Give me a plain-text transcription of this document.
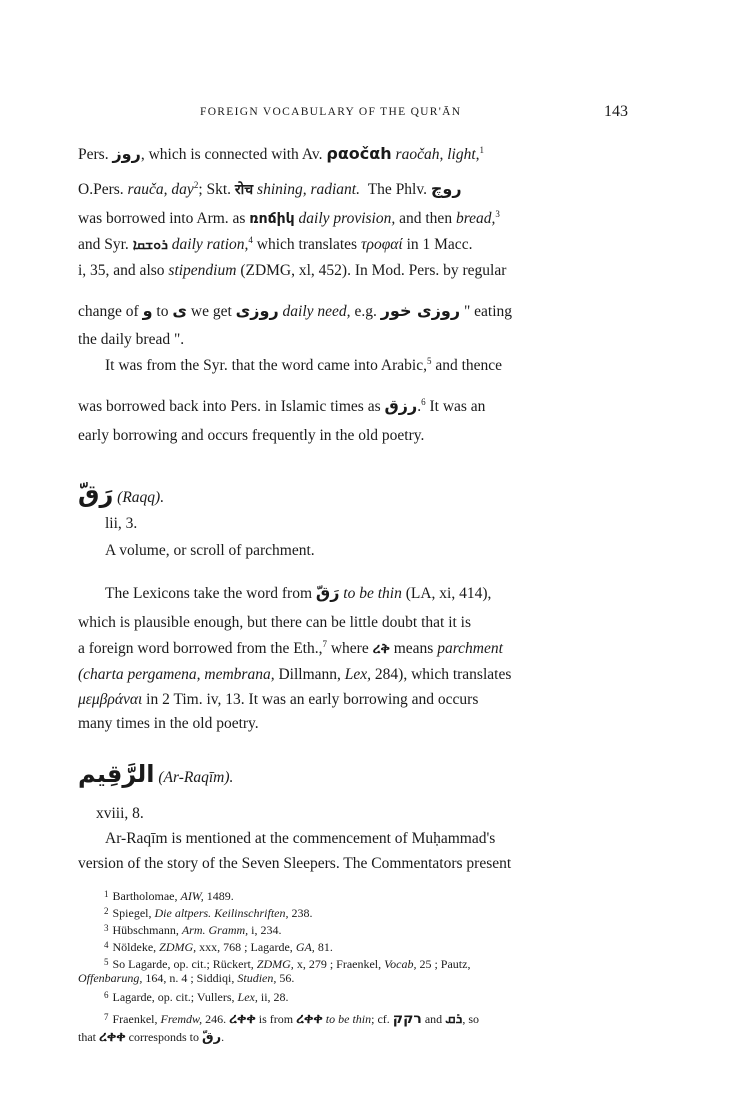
FOREIGN VOCABULARY OF THE QUR'ĀN	143
Pers. روز, which is connected with Av. ραοčαh raočah, light,$^1$
O.Pers. rauča, day$^2$; Skt. रोच shining, radiant. The Phlv. روچ
was borrowed into Arm. as ռոճիկ daily provision, and then bread,$^3$
and Syr. ܪܘܫܩܐ daily ration,$^4$ which translates τροφαί in 1 Macc.
i, 35, and also stipendium (ZDMG, xl, 452). In Mod. Pers. by regular
change of و to ی we get روزی daily need, e.g. روزی خور " eating
the daily bread ".
It was from the Syr. that the word came into Arabic,$^5$ and thence
was borrowed back into Pers. in Islamic times as رزق.$^6$ It was an
early borrowing and occurs frequently in the old poetry.
رَقّ (Raqq).
lii, 3.
A volume, or scroll of parchment.
The Lexicons take the word from رَقّ to be thin (LA, xi, 414),
which is plausible enough, but there can be little doubt that it is
a foreign word borrowed from the Eth.,$^7$ where ረቅ means parchment
(charta pergamena, membrana, Dillmann, Lex, 284), which translates
μεμβράναι in 2 Tim. iv, 13. It was an early borrowing and occurs
many times in the old poetry.
الرَّقِيم (Ar-Raqīm).
xviii, 8.
Ar-Raqīm is mentioned at the commencement of Muḥammad's
version of the story of the Seven Sleepers. The Commentators present
$^1$ Bartholomae, AIW, 1489.
$^2$ Spiegel, Die altpers. Keilinschriften, 238.
$^3$ Hübschmann, Arm. Gramm, i, 234.
$^4$ Nöldeke, ZDMG, xxx, 768 ; Lagarde, GA, 81.
$^5$ So Lagarde, op. cit.; Rückert, ZDMG, x, 279 ; Fraenkel, Vocab, 25 ; Pautz,
Offenbarung, 164, n. 4 ; Siddiqi, Studien, 56.
$^6$ Lagarde, op. cit.; Vullers, Lex, ii, 28.
$^7$ Fraenkel, Fremdw, 246. ረቀቀ is from ረቀቀ to be thin; cf. רקק and ܪܩ, so
that ረቀቀ corresponds to رقّ.
